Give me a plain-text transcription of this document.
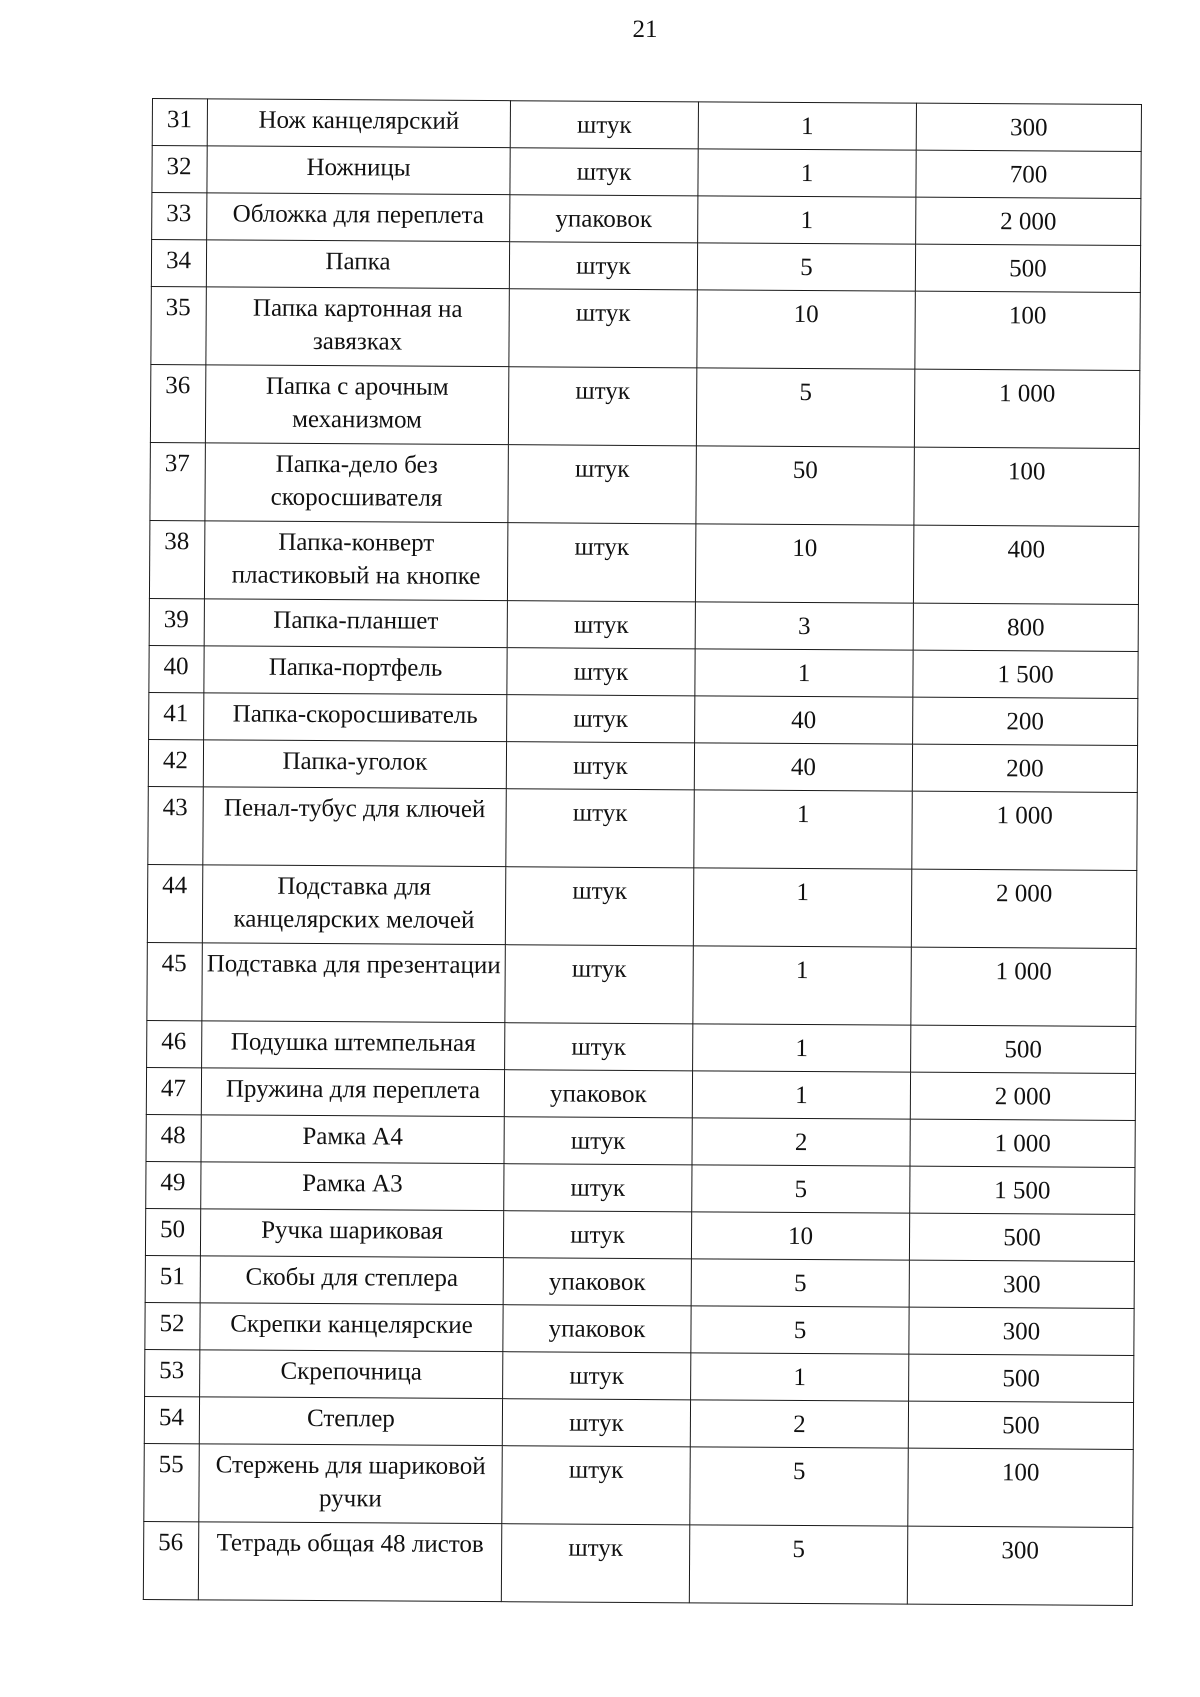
21
31	Нож канцелярский	штук	1	300
32	Ножницы	штук	1	700
33	Обложка для переплета	упаковок	1	2 000
34	Папка	штук	5	500
35	Папка картонная на завязках	штук	10	100
36	Папка с арочным механизмом	штук	5	1 000
37	Папка-дело без скоросшивателя	штук	50	100
38	Папка-конверт пластиковый на кнопке	штук	10	400
39	Папка-планшет	штук	3	800
40	Папка-портфель	штук	1	1 500
41	Папка-скоросшиватель	штук	40	200
42	Папка-уголок	штук	40	200
43	Пенал-тубус для ключей	штук	1	1 000
44	Подставка для канцелярских мелочей	штук	1	2 000
45	Подставка для презентации	штук	1	1 000
46	Подушка штемпельная	штук	1	500
47	Пружина для переплета	упаковок	1	2 000
48	Рамка А4	штук	2	1 000
49	Рамка А3	штук	5	1 500
50	Ручка шариковая	штук	10	500
51	Скобы для степлера	упаковок	5	300
52	Скрепки канцелярские	упаковок	5	300
53	Скрепочница	штук	1	500
54	Степлер	штук	2	500
55	Стержень для шариковой ручки	штук	5	100
56	Тетрадь общая 48 листов	штук	5	300
